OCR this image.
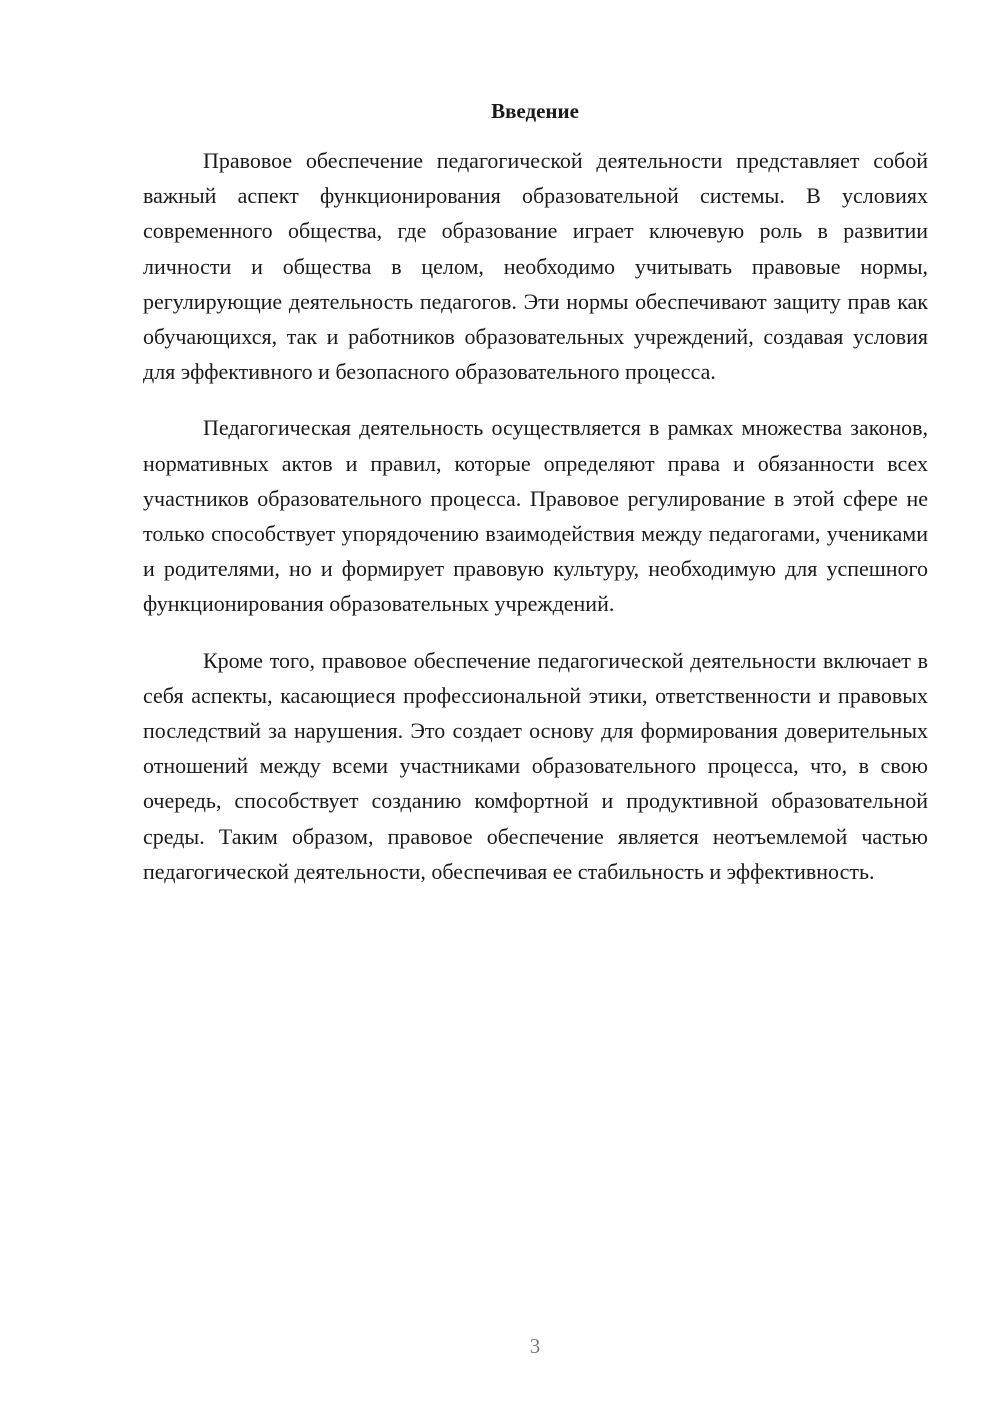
Введение

Правовое обеспечение педагогической деятельности представляет собой важный аспект функционирования образовательной системы. В условиях современного общества, где образование играет ключевую роль в развитии личности и общества в целом, необходимо учитывать правовые нормы, регулирующие деятельность педагогов. Эти нормы обеспечивают защиту прав как обучающихся, так и работников образовательных учреждений, создавая условия для эффективного и безопасного образовательного процесса.

Педагогическая деятельность осуществляется в рамках множества законов, нормативных актов и правил, которые определяют права и обязанности всех участников образовательного процесса. Правовое регулирование в этой сфере не только способствует упорядочению взаимодействия между педагогами, учениками и родителями, но и формирует правовую культуру, необходимую для успешного функционирования образовательных учреждений.

Кроме того, правовое обеспечение педагогической деятельности включает в себя аспекты, касающиеся профессиональной этики, ответственности и правовых последствий за нарушения. Это создает основу для формирования доверительных отношений между всеми участниками образовательного процесса, что, в свою очередь, способствует созданию комфортной и продуктивной образовательной среды. Таким образом, правовое обеспечение является неотъемлемой частью педагогической деятельности, обеспечивая ее стабильность и эффективность.

3
